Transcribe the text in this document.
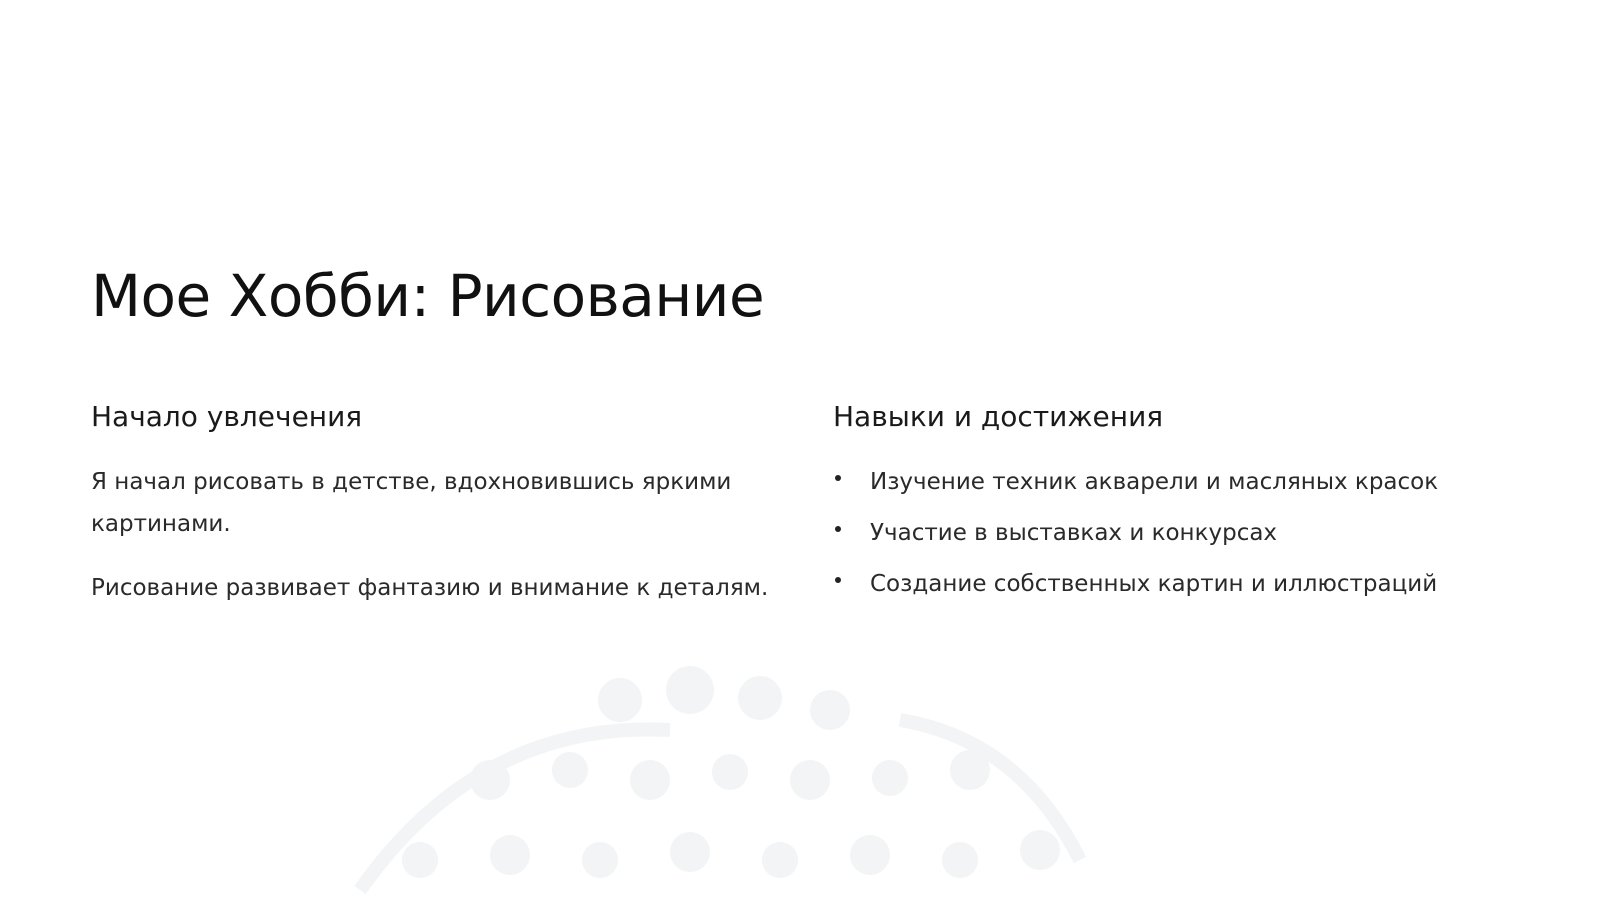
Мое Хобби: Рисование
Начало увлечения

Я начал рисовать в детстве, вдохновившись яркими картинами.

Рисование развивает фантазию и внимание к деталям.

Навыки и достижения
Изучение техник акварели и масляных красок
Участие в выставках и конкурсах
Создание собственных картин и иллюстраций
